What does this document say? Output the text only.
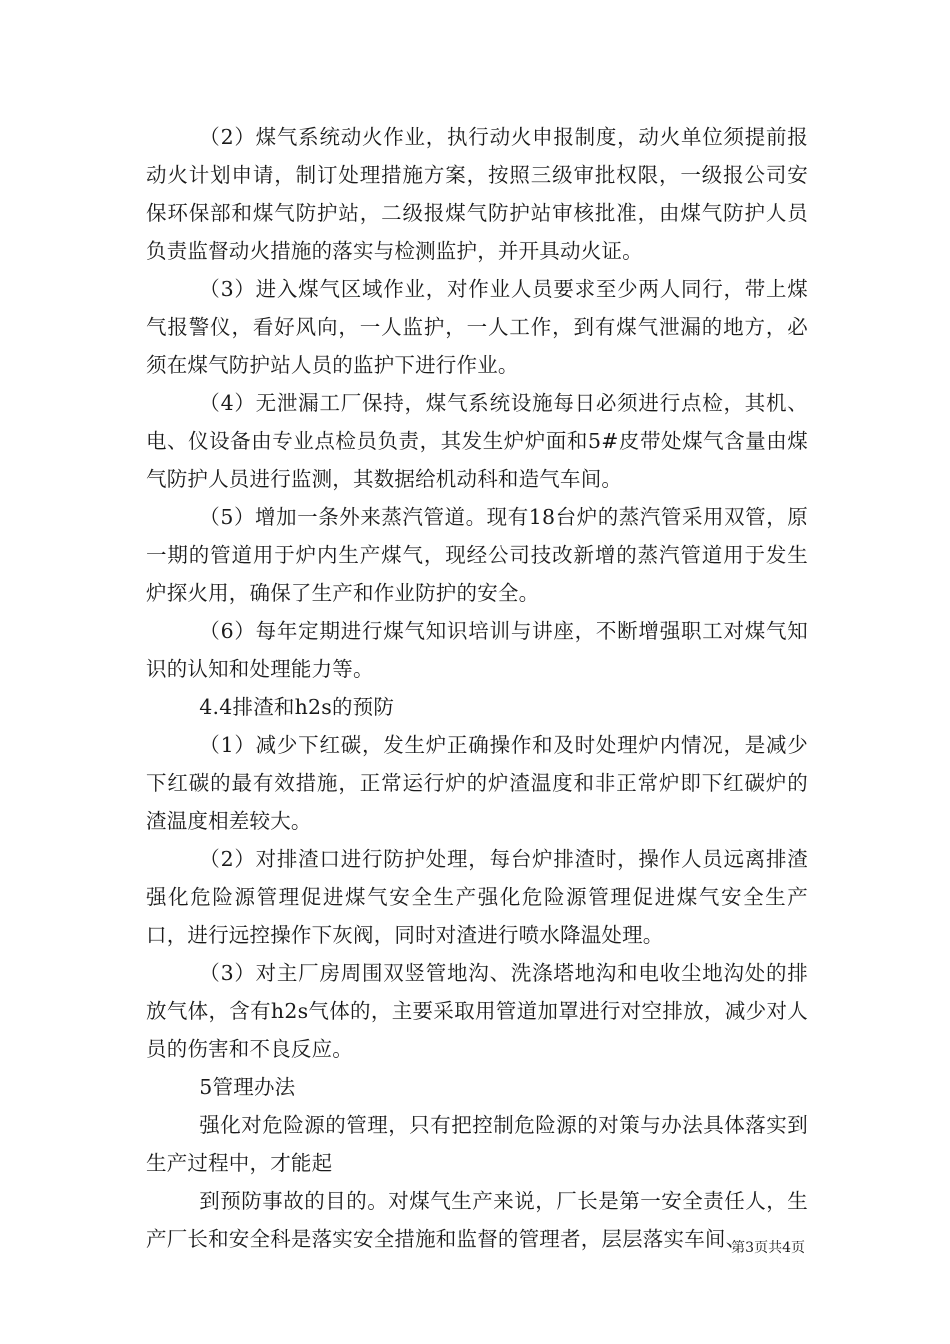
（2）煤气系统动火作业，执行动火申报制度，动火单位须提前报动火计划申请，制订处理措施方案，按照三级审批权限，一级报公司安保环保部和煤气防护站，二级报煤气防护站审核批准，由煤气防护人员负责监督动火措施的落实与检测监护，并开具动火证。

（3）进入煤气区域作业，对作业人员要求至少两人同行，带上煤气报警仪，看好风向，一人监护，一人工作，到有煤气泄漏的地方，必须在煤气防护站人员的监护下进行作业。

（4）无泄漏工厂保持，煤气系统设施每日必须进行点检，其机、电、仪设备由专业点检员负责，其发生炉炉面和5#皮带处煤气含量由煤气防护人员进行监测，其数据给机动科和造气车间。

（5）增加一条外来蒸汽管道。现有18台炉的蒸汽管采用双管，原一期的管道用于炉内生产煤气，现经公司技改新增的蒸汽管道用于发生炉探火用，确保了生产和作业防护的安全。

（6）每年定期进行煤气知识培训与讲座，不断增强职工对煤气知识的认知和处理能力等。

4.4排渣和h2s的预防

（1）减少下红碳，发生炉正确操作和及时处理炉内情况，是减少下红碳的最有效措施，正常运行炉的炉渣温度和非正常炉即下红碳炉的渣温度相差较大。

（2）对排渣口进行防护处理，每台炉排渣时，操作人员远离排渣强化危险源管理促进煤气安全生产强化危险源管理促进煤气安全生产口，进行远控操作下灰阀，同时对渣进行喷水降温处理。

（3）对主厂房周围双竖管地沟、洗涤塔地沟和电收尘地沟处的排放气体，含有h2s气体的，主要采取用管道加罩进行对空排放，减少对人员的伤害和不良反应。

5管理办法

强化对危险源的管理，只有把控制危险源的对策与办法具体落实到生产过程中，才能起

到预防事故的目的。对煤气生产来说，厂长是第一安全责任人，生产厂长和安全科是落实安全措施和监督的管理者，层层落实车间、

第3页共4页
